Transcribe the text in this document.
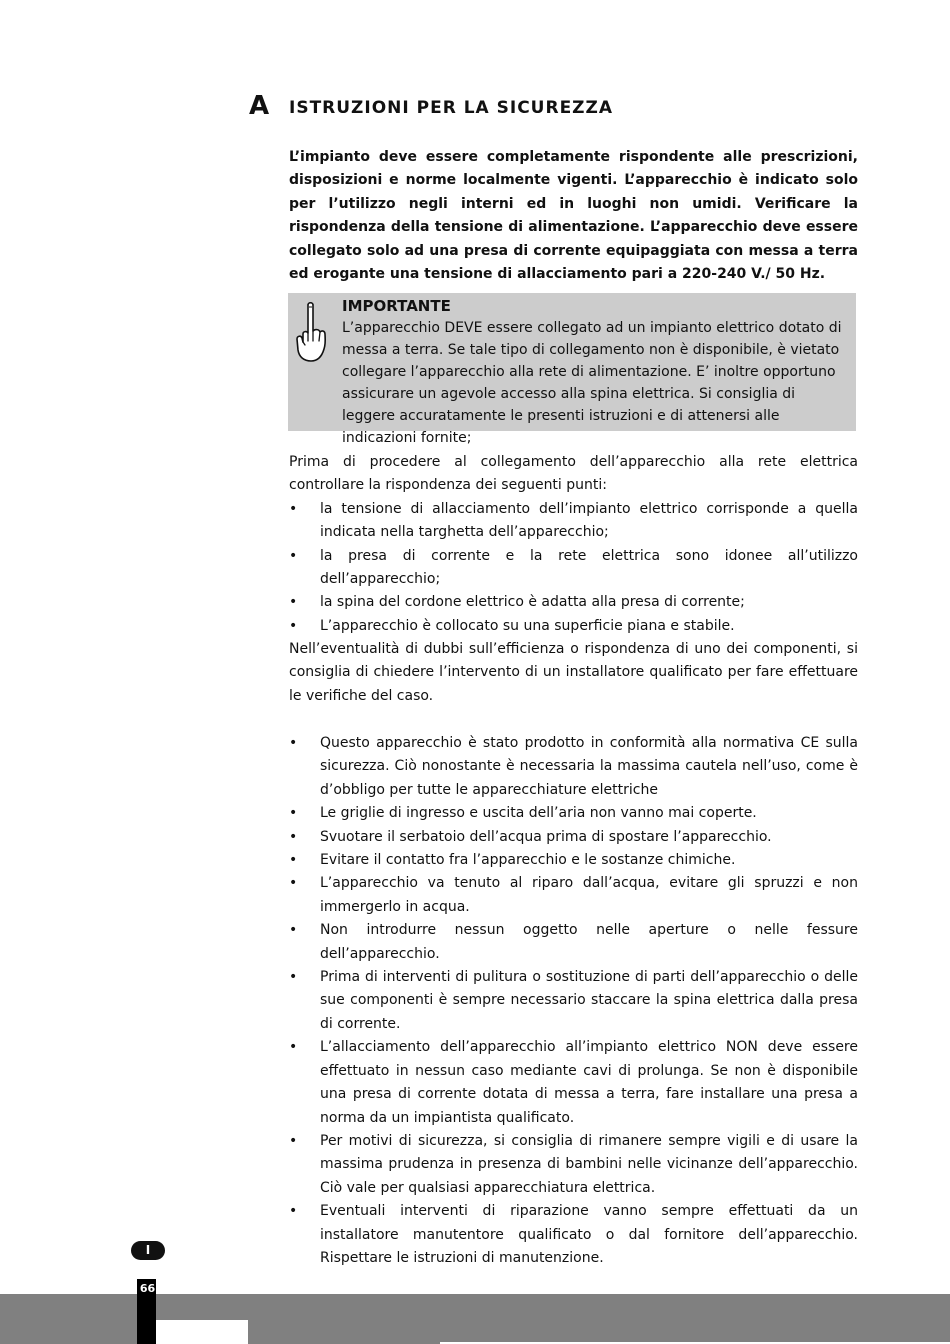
A ISTRUZIONI PER LA SICUREZZA

L’impianto deve essere completamente rispondente alle prescrizioni, disposizioni e norme localmente vigenti. L’apparecchio è indicato solo per l’utilizzo negli interni ed in luoghi non umidi. Verificare la rispondenza della tensione di alimentazione. L’apparecchio deve essere collegato solo ad una presa di corrente equipaggiata con messa a terra ed erogante una tensione di allacciamento pari a 220-240 V./ 50 Hz.

IMPORTANTE
L’apparecchio DEVE essere collegato ad un impianto elettrico dotato di messa a terra. Se tale tipo di collegamento non è disponibile, è vietato collegare l’apparecchio alla rete di alimentazione. E’ inoltre opportuno assicurare un agevole accesso alla spina elettrica. Si consiglia di leggere accuratamente le presenti istruzioni e di attenersi alle indicazioni fornite;
Prima di procedere al collegamento dell’apparecchio alla rete elettrica controllare la rispondenza dei seguenti punti:
• la tensione di allacciamento dell’impianto elettrico corrisponde a quella indicata nella targhetta dell’apparecchio;
• la presa di corrente e la rete elettrica sono idonee all’utilizzo dell’apparecchio;
• la spina del cordone elettrico è adatta alla presa di corrente;
• L’apparecchio è collocato su una superficie piana e stabile.
Nell’eventualità di dubbi sull’efficienza o rispondenza di uno dei componenti, si consiglia di chiedere l’intervento di un installatore qualificato per fare effettuare le verifiche del caso.
• Questo apparecchio è stato prodotto in conformità alla normativa CE sulla sicurezza. Ciò nonostante è necessaria la massima cautela nell’uso, come è d’obbligo per tutte le apparecchiature elettriche
• Le griglie di ingresso e uscita dell’aria non vanno mai coperte.
• Svuotare il serbatoio dell’acqua prima di spostare l’apparecchio.
• Evitare il contatto fra l’apparecchio e le sostanze chimiche.
• L’apparecchio va tenuto al riparo dall’acqua, evitare gli spruzzi e non immergerlo in acqua.
• Non introdurre nessun oggetto nelle aperture o nelle fessure dell’apparecchio.
• Prima di interventi di pulitura o sostituzione di parti dell’apparecchio o delle sue componenti è sempre necessario staccare la spina elettrica dalla presa di corrente.
• L’allacciamento dell’apparecchio all’impianto elettrico NON deve essere effettuato in nessun caso mediante cavi di prolunga. Se non è disponibile una presa di corrente dotata di messa a terra, fare installare una presa a norma da un impiantista qualificato.
• Per motivi di sicurezza, si consiglia di rimanere sempre vigili e di usare la massima prudenza in presenza di bambini nelle vicinanze dell’apparecchio. Ciò vale per qualsiasi apparecchiatura elettrica.
• Eventuali interventi di riparazione vanno sempre effettuati da un installatore manutentore qualificato o dal fornitore dell’apparecchio. Rispettare le istruzioni di manutenzione.
I
66
